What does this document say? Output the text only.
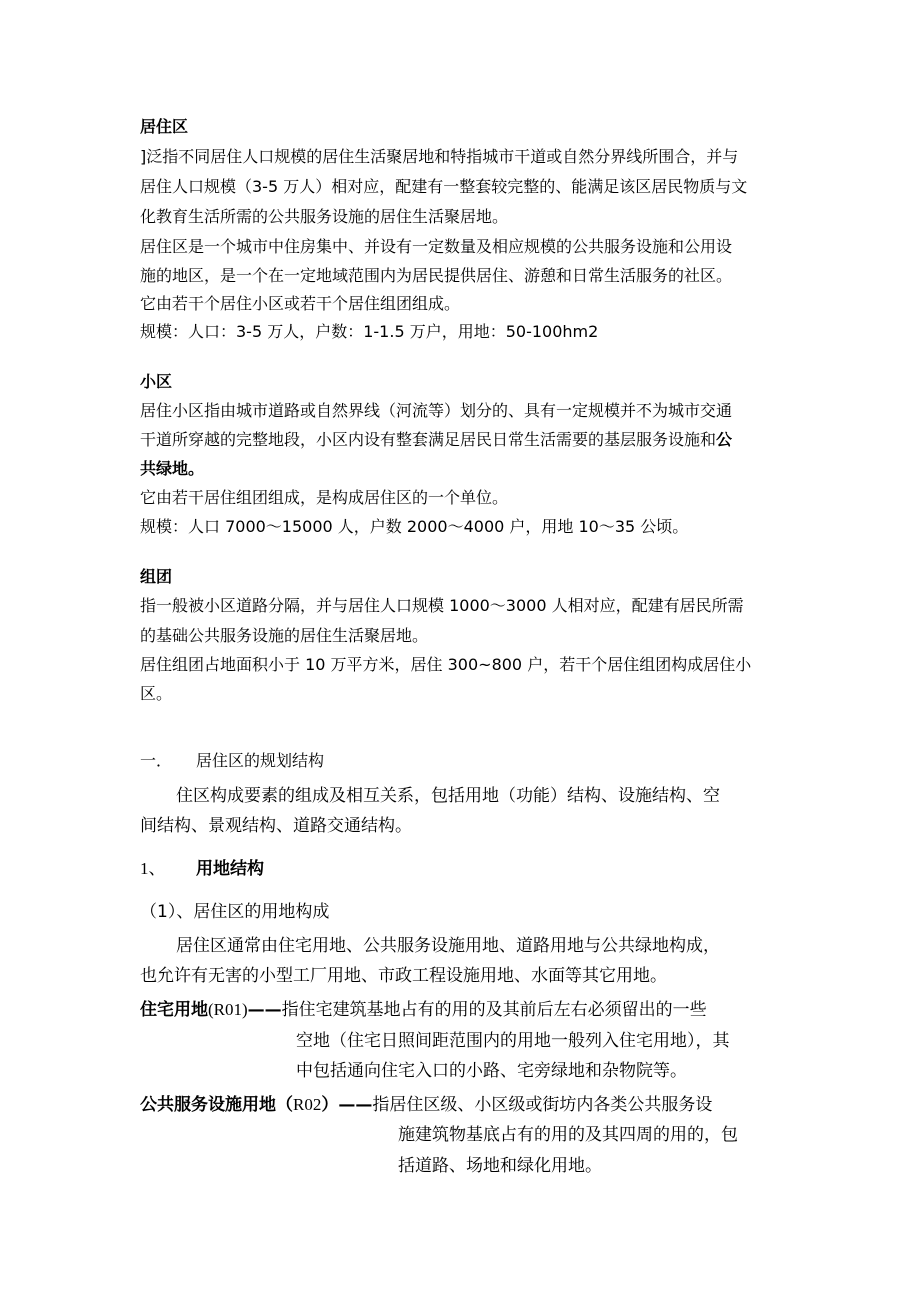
居住区
]泛指不同居住人口规模的居住生活聚居地和特指城市干道或自然分界线所围合，并与
居住人口规模（3-5 万人）相对应，配建有一整套较完整的、能满足该区居民物质与文
化教育生活所需的公共服务设施的居住生活聚居地。
居住区是一个城市中住房集中、并设有一定数量及相应规模的公共服务设施和公用设
施的地区，是一个在一定地域范围内为居民提供居住、游憩和日常生活服务的社区。
它由若干个居住小区或若干个居住组团组成。
规模：人口：3-5 万人，户数：1-1.5 万户，用地：50-100hm2
小区
居住小区指由城市道路或自然界线（河流等）划分的、具有一定规模并不为城市交通
干道所穿越的完整地段，小区内设有整套满足居民日常生活需要的基层服务设施和公
共绿地。
它由若干居住组团组成，是构成居住区的一个单位。
规模：人口 7000～15000 人，户数 2000～4000 户，用地 10～35 公顷。
组团
指一般被小区道路分隔，并与居住人口规模 1000～3000 人相对应，配建有居民所需
的基础公共服务设施的居住生活聚居地。
居住组团占地面积小于 10 万平方米，居住 300~800 户，若干个居住组团构成居住小
区。
一． 居住区的规划结构
住区构成要素的组成及相互关系，包括用地（功能）结构、设施结构、空
间结构、景观结构、道路交通结构。
1、 用地结构
（1）、居住区的用地构成
居住区通常由住宅用地、公共服务设施用地、道路用地与公共绿地构成，
也允许有无害的小型工厂用地、市政工程设施用地、水面等其它用地。
住宅用地(R01)——指住宅建筑基地占有的用的及其前后左右必须留出的一些
空地（住宅日照间距范围内的用地一般列入住宅用地），其
中包括通向住宅入口的小路、宅旁绿地和杂物院等。
公共服务设施用地（R02）——指居住区级、小区级或街坊内各类公共服务设
施建筑物基底占有的用的及其四周的用的，包
括道路、场地和绿化用地。
